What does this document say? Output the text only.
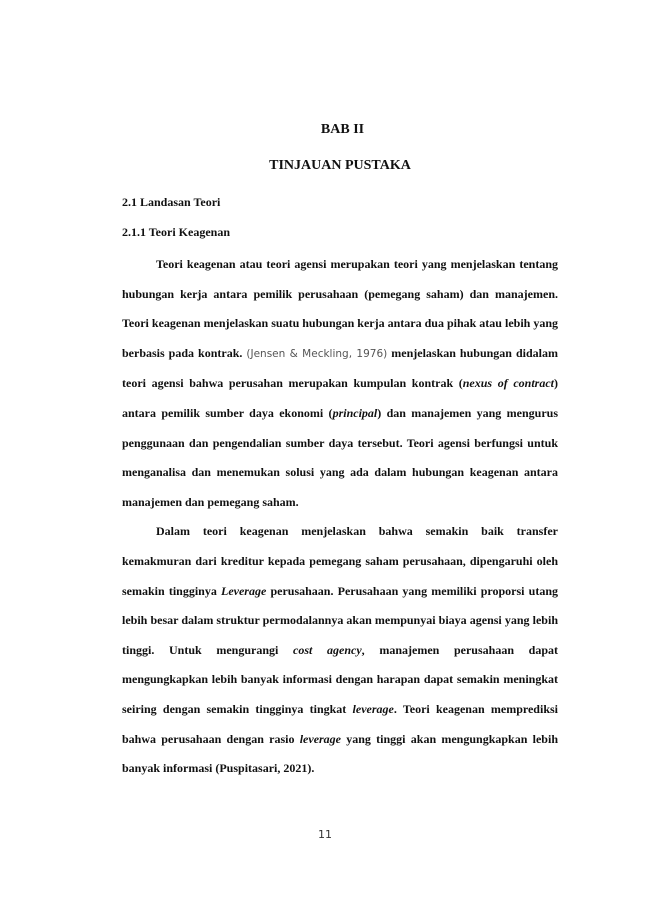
BAB II
TINJAUAN PUSTAKA
2.1 Landasan Teori
2.1.1 Teori Keagenan

Teori keagenan atau teori agensi merupakan teori yang menjelaskan tentang hubungan kerja antara pemilik perusahaan (pemegang saham) dan manajemen. Teori keagenan menjelaskan suatu hubungan kerja antara dua pihak atau lebih yang berbasis pada kontrak. (Jensen & Meckling, 1976) menjelaskan hubungan didalam teori agensi bahwa perusahan merupakan kumpulan kontrak (nexus of contract) antara pemilik sumber daya ekonomi (principal) dan manajemen yang mengurus penggunaan dan pengendalian sumber daya tersebut. Teori agensi berfungsi untuk menganalisa dan menemukan solusi yang ada dalam hubungan keagenan antara manajemen dan pemegang saham.

Dalam teori keagenan menjelaskan bahwa semakin baik transfer kemakmuran dari kreditur kepada pemegang saham perusahaan, dipengaruhi oleh semakin tingginya Leverage perusahaan. Perusahaan yang memiliki proporsi utang lebih besar dalam struktur permodalannya akan mempunyai biaya agensi yang lebih tinggi. Untuk mengurangi cost agency, manajemen perusahaan dapat mengungkapkan lebih banyak informasi dengan harapan dapat semakin meningkat seiring dengan semakin tingginya tingkat leverage. Teori keagenan memprediksi bahwa perusahaan dengan rasio leverage yang tinggi akan mengungkapkan lebih banyak informasi (Puspitasari, 2021).

11
